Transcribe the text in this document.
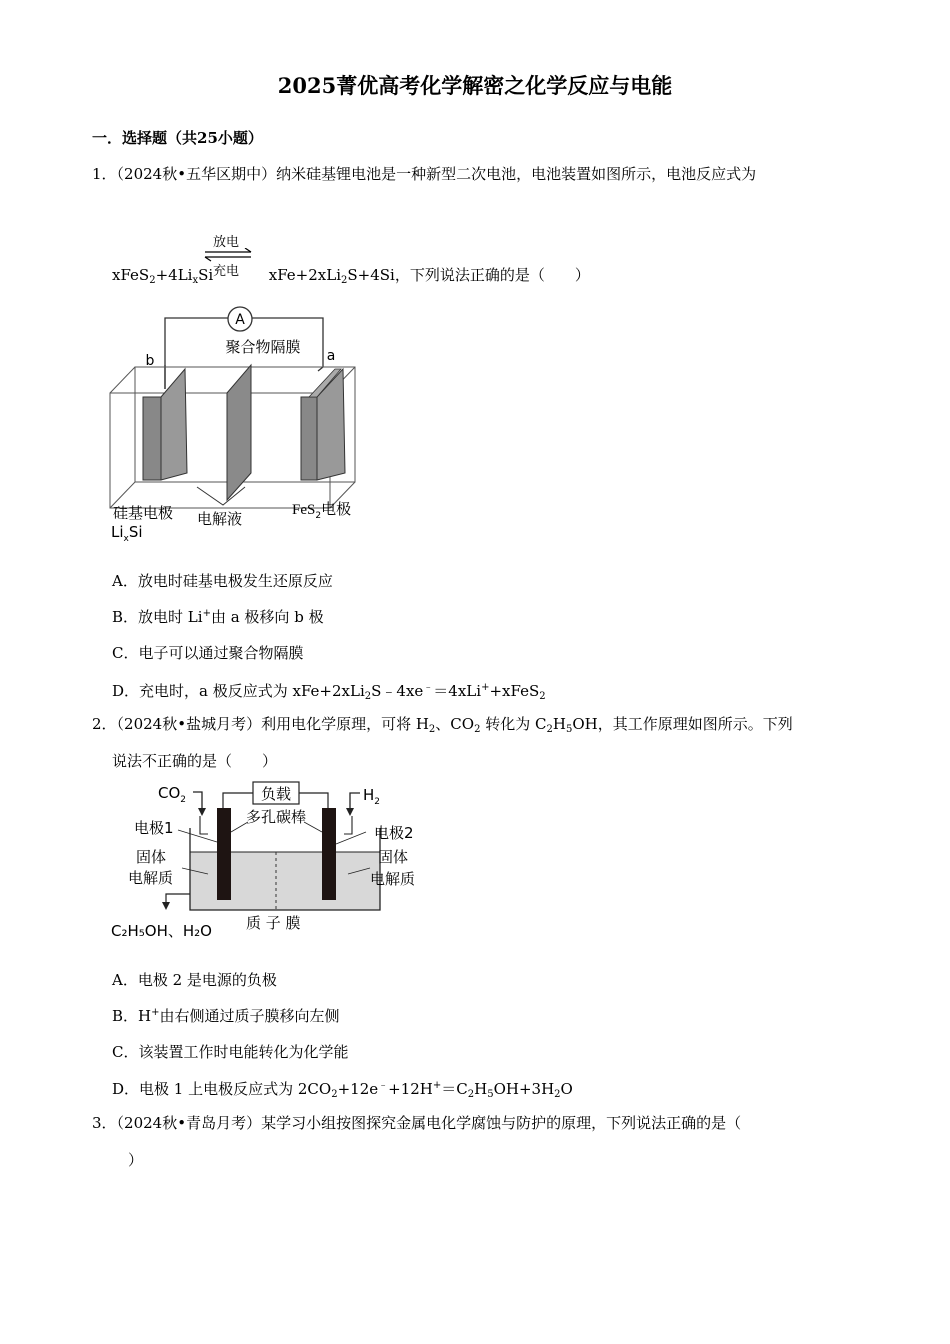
2025菁优高考化学解密之化学反应与电能
一．选择题（共25小题）
1．（2024秋•五华区期中）纳米硅基锂电池是一种新型二次电池，电池装置如图所示，电池反应式为
放电
充电
$xFeS_2+4Li_xSi$	xFe+2xLi$_2$S+4Si，下列说法正确的是（　　）
A
聚合物隔膜
b	a
硅基电极
$Li_xSi$
电解液	FeS$_2$电极
A．放电时硅基电极发生还原反应
B．放电时 Li+由 a 极移向 b 极
C．电子可以通过聚合物隔膜
D．充电时，a 极反应式为 xFe+2xLi$_2$S﹣4xe﹣＝4xLi++xFeS$_2$
2．（2024秋•盐城月考）利用电化学原理，可将 $H_2$、$CO_2$ 转化为 $C_2H_5OH$，其工作原理如图所示。下列
说法不正确的是（　　）
$CO_2$	$H_2$
负载
多孔碳棒
电极1	电极2
固体
电解质
固体
电解质
C₂H₅OH、H₂O 质 子 膜
A．电极 2 是电源的负极
B．H+由右侧通过质子膜移向左侧
C．该装置工作时电能转化为化学能
D．电极 1 上电极反应式为 $2CO_2+12e^﹣+12H^+=C_2H_5OH+3H_2O$
3．（2024秋•青岛月考）某学习小组按图探究金属电化学腐蚀与防护的原理，下列说法正确的是（
）
